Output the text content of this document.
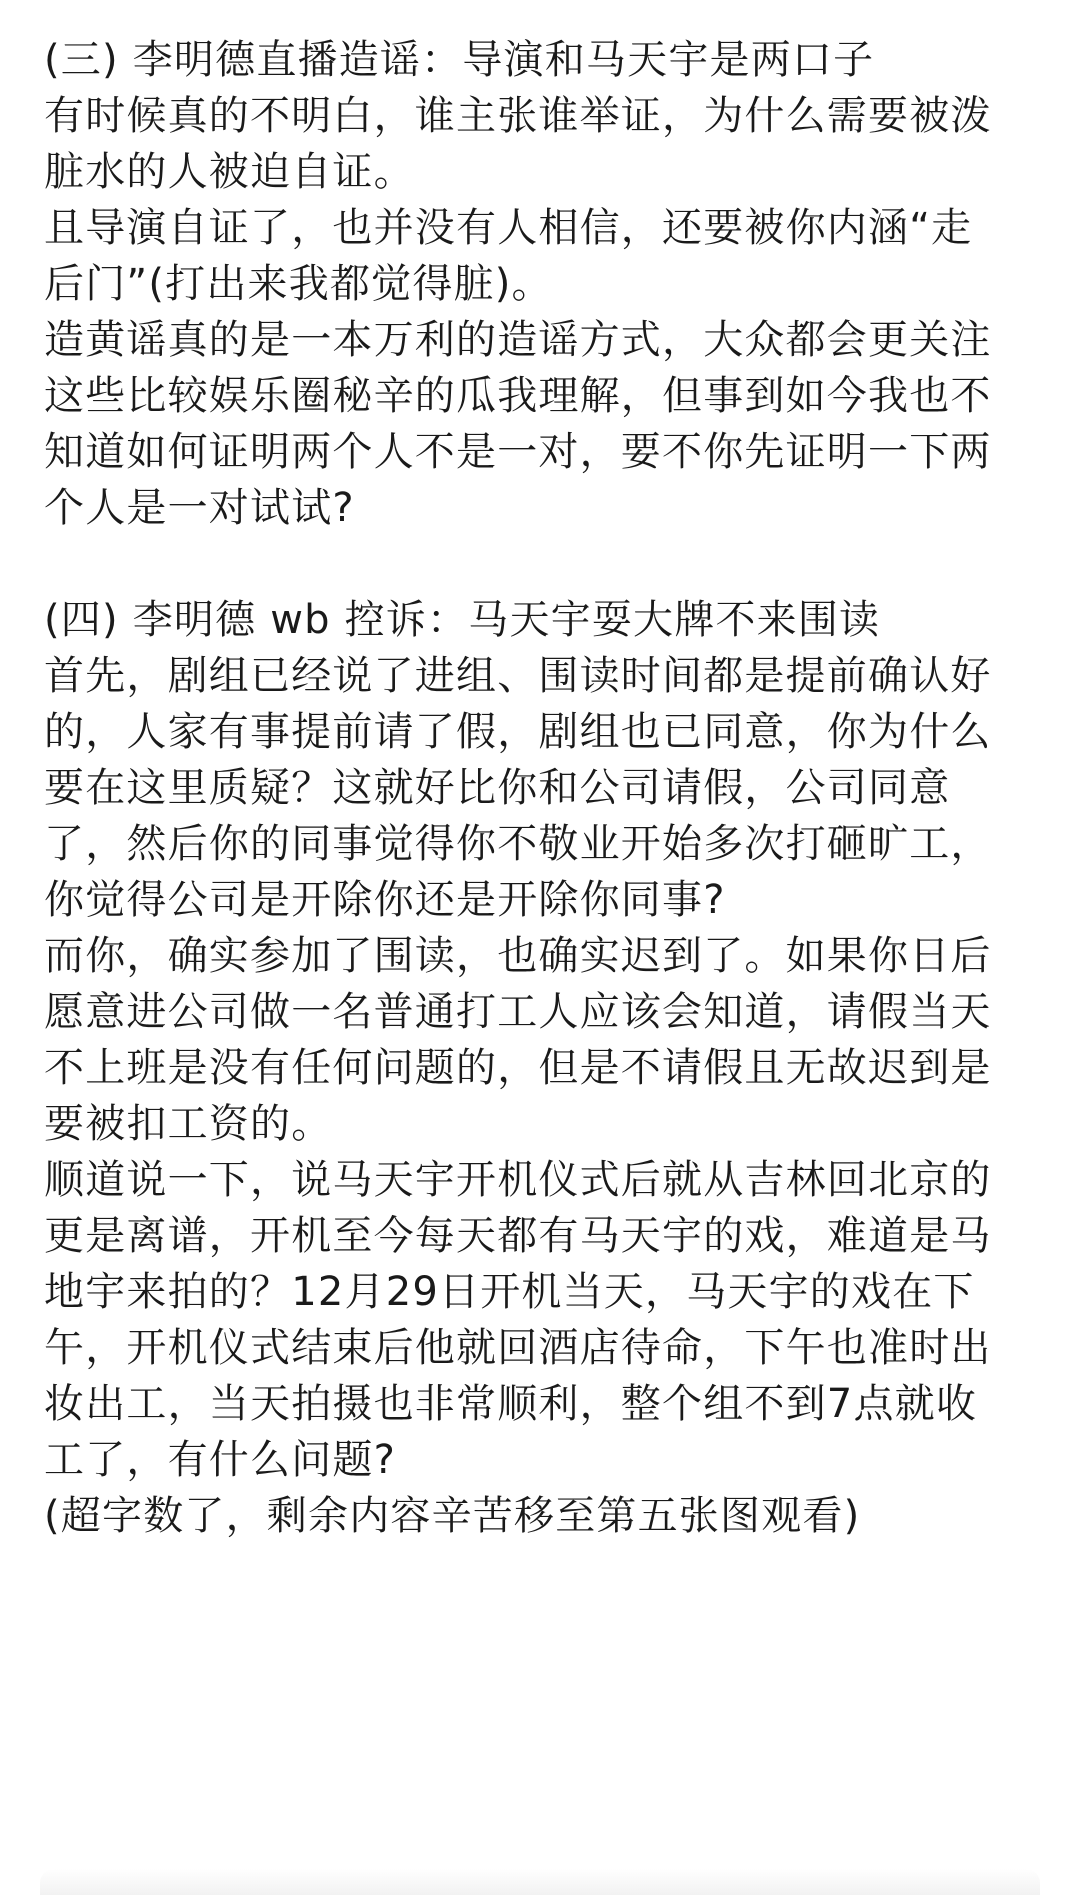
(三) 李明德直播造谣：导演和马天宇是两口子
有时候真的不明白，谁主张谁举证，为什么需要被泼
脏水的人被迫自证。
且导演自证了，也并没有人相信，还要被你内涵“走
后门”(打出来我都觉得脏)。
造黄谣真的是一本万利的造谣方式，大众都会更关注
这些比较娱乐圈秘辛的瓜我理解，但事到如今我也不
知道如何证明两个人不是一对，要不你先证明一下两
个人是一对试试?
(四) 李明德 wb 控诉：马天宇耍大牌不来围读
首先，剧组已经说了进组、围读时间都是提前确认好
的，人家有事提前请了假，剧组也已同意，你为什么
要在这里质疑？这就好比你和公司请假，公司同意
了，然后你的同事觉得你不敬业开始多次打砸旷工，
你觉得公司是开除你还是开除你同事?
而你，确实参加了围读，也确实迟到了。如果你日后
愿意进公司做一名普通打工人应该会知道，请假当天
不上班是没有任何问题的，但是不请假且无故迟到是
要被扣工资的。
顺道说一下，说马天宇开机仪式后就从吉林回北京的
更是离谱，开机至今每天都有马天宇的戏，难道是马
地宇来拍的？12月29日开机当天，马天宇的戏在下
午，开机仪式结束后他就回酒店待命，下午也准时出
妆出工，当天拍摄也非常顺利，整个组不到7点就收
工了，有什么问题?
(超字数了，剩余内容辛苦移至第五张图观看)
